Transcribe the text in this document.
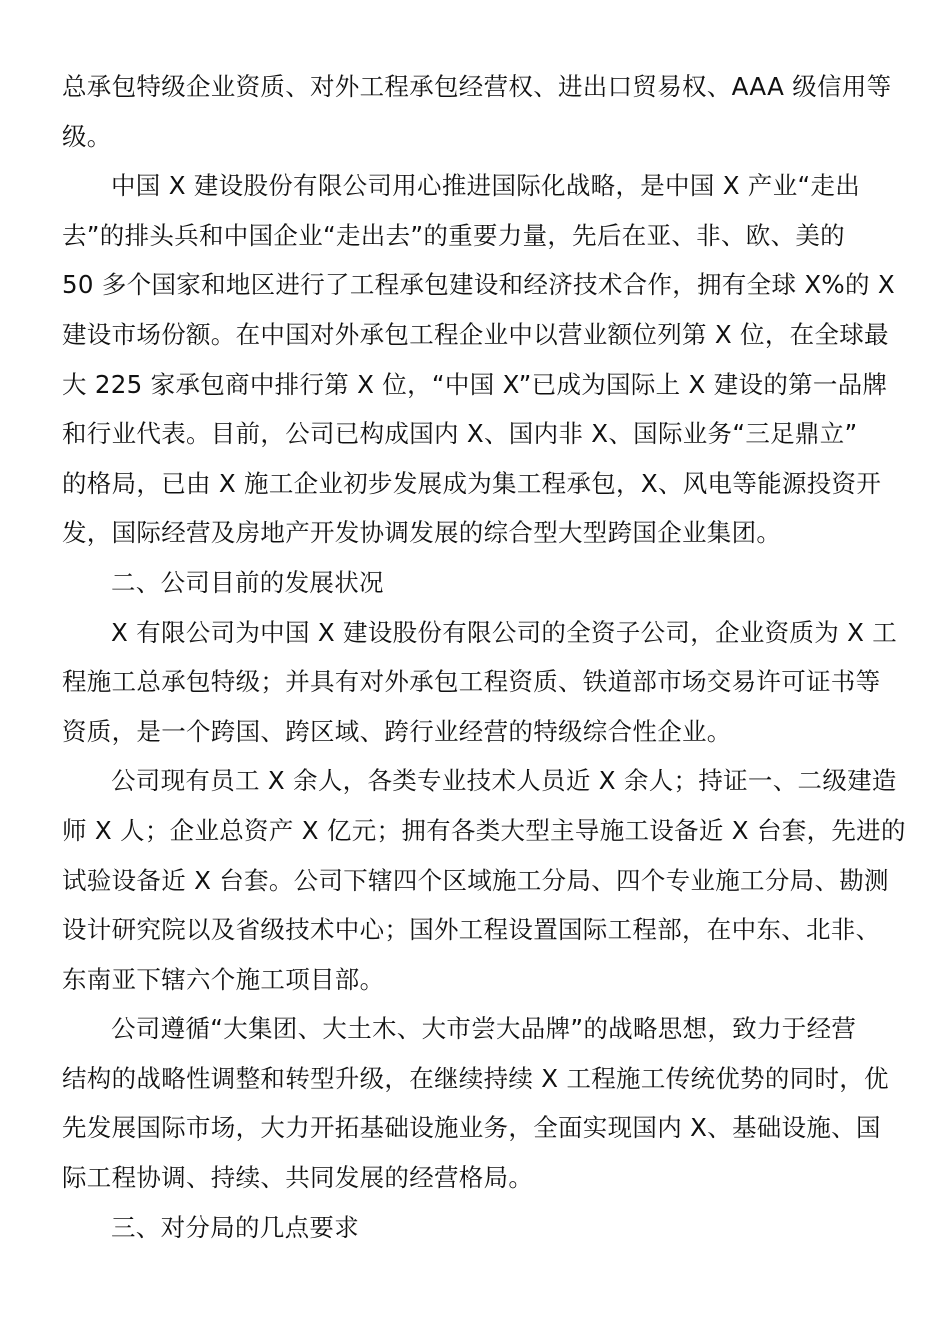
总承包特级企业资质、对外工程承包经营权、进出口贸易权、AAA 级信用等
级。
中国 X 建设股份有限公司用心推进国际化战略，是中国 X 产业“走出
去”的排头兵和中国企业“走出去”的重要力量，先后在亚、非、欧、美的
50 多个国家和地区进行了工程承包建设和经济技术合作，拥有全球 X%的 X
建设市场份额。在中国对外承包工程企业中以营业额位列第 X 位，在全球最
大 225 家承包商中排行第 X 位，“中国 X”已成为国际上 X 建设的第一品牌
和行业代表。目前，公司已构成国内 X、国内非 X、国际业务“三足鼎立”
的格局，已由 X 施工企业初步发展成为集工程承包，X、风电等能源投资开
发，国际经营及房地产开发协调发展的综合型大型跨国企业集团。
二、公司目前的发展状况
X 有限公司为中国 X 建设股份有限公司的全资子公司，企业资质为 X 工
程施工总承包特级；并具有对外承包工程资质、铁道部市场交易许可证书等
资质，是一个跨国、跨区域、跨行业经营的特级综合性企业。
公司现有员工 X 余人，各类专业技术人员近 X 余人；持证一、二级建造
师 X 人；企业总资产 X 亿元；拥有各类大型主导施工设备近 X 台套，先进的
试验设备近 X 台套。公司下辖四个区域施工分局、四个专业施工分局、勘测
设计研究院以及省级技术中心；国外工程设置国际工程部，在中东、北非、
东南亚下辖六个施工项目部。
公司遵循“大集团、大土木、大市尝大品牌”的战略思想，致力于经营
结构的战略性调整和转型升级，在继续持续 X 工程施工传统优势的同时，优
先发展国际市场，大力开拓基础设施业务，全面实现国内 X、基础设施、国
际工程协调、持续、共同发展的经营格局。
三、对分局的几点要求
